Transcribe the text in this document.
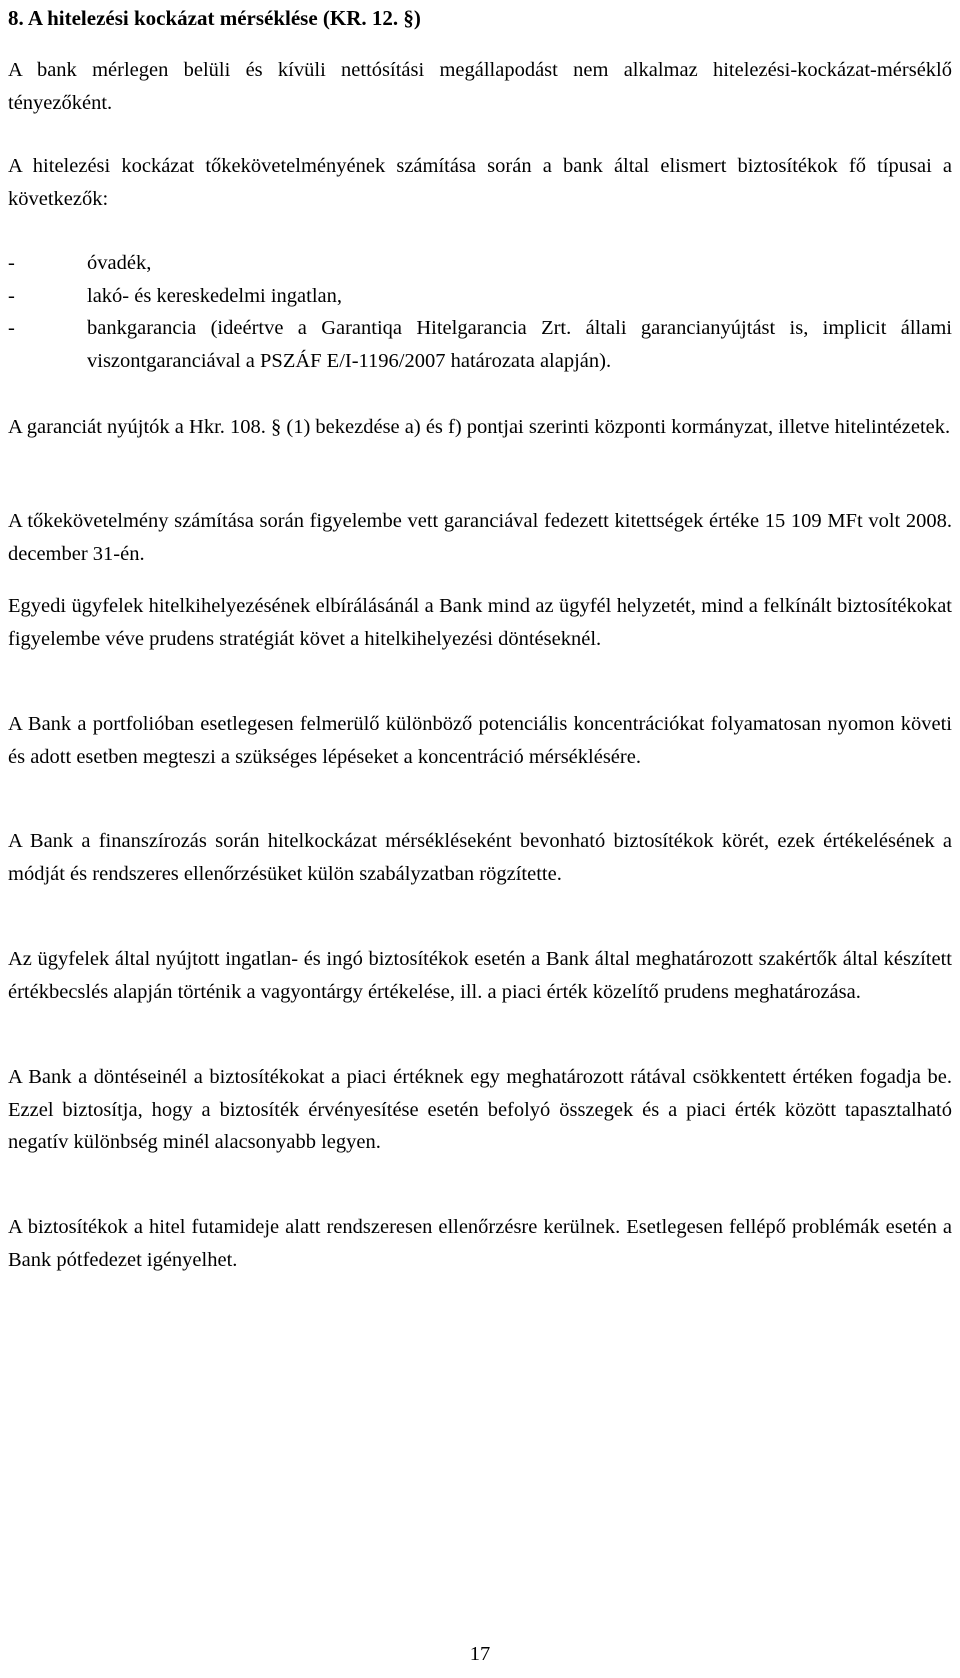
8. A hitelezési kockázat mérséklése (KR. 12. §)

A bank mérlegen belüli és kívüli nettósítási megállapodást nem alkalmaz hitelezési-kockázat-mérséklő tényezőként.

A hitelezési kockázat tőkekövetelményének számítása során a bank által elismert biztosítékok fő típusai a következők:

-	óvadék,
-	lakó- és kereskedelmi ingatlan,
-	bankgarancia (ideértve a Garantiqa Hitelgarancia Zrt. általi garancianyújtást is, implicit állami viszontgaranciával a PSZÁF E/I-1196/2007 határozata alapján).

A garanciát nyújtók a Hkr. 108. § (1) bekezdése a) és f) pontjai szerinti központi kormányzat, illetve hitelintézetek.

A tőkekövetelmény számítása során figyelembe vett garanciával fedezett kitettségek értéke 15 109 MFt volt 2008. december 31-én.

Egyedi ügyfelek hitelkihelyezésének elbírálásánál a Bank mind az ügyfél helyzetét, mind a felkínált biztosítékokat figyelembe véve prudens stratégiát követ a hitelkihelyezési döntéseknél.

A Bank a portfolióban esetlegesen felmerülő különböző potenciális koncentrációkat folyamatosan nyomon követi és adott esetben megteszi a szükséges lépéseket a koncentráció mérséklésére.

A Bank a finanszírozás során hitelkockázat mérsékléseként bevonható biztosítékok körét, ezek értékelésének a módját és rendszeres ellenőrzésüket külön szabályzatban rögzítette.

Az ügyfelek által nyújtott ingatlan- és ingó biztosítékok esetén a Bank által meghatározott szakértők által készített értékbecslés alapján történik a vagyontárgy értékelése, ill. a piaci érték közelítő prudens meghatározása.

A Bank a döntéseinél a biztosítékokat a piaci értéknek egy meghatározott rátával csökkentett értéken fogadja be. Ezzel biztosítja, hogy a biztosíték érvényesítése esetén befolyó összegek és a piaci érték között tapasztalható negatív különbség minél alacsonyabb legyen.

A biztosítékok a hitel futamideje alatt rendszeresen ellenőrzésre kerülnek. Esetlegesen fellépő problémák esetén a Bank pótfedezet igényelhet.

17
